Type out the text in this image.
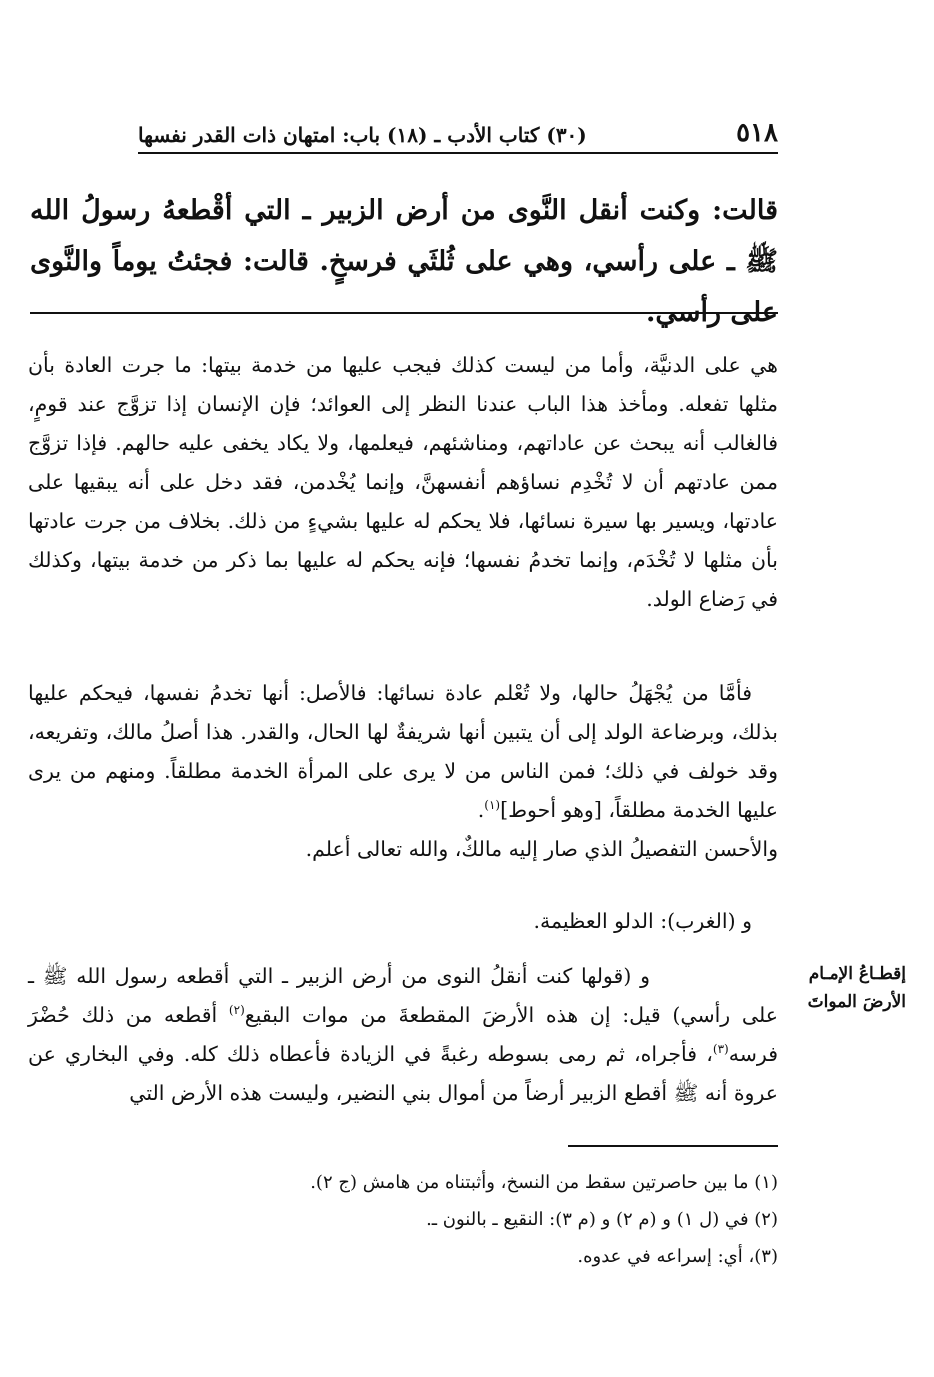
٥١٨
(٣٠) كتاب الأدب ـ (١٨) باب: امتهان ذات القدر نفسها
قالت: وكنت أنقل النَّوى من أرض الزبير ـ التي أقْطعهُ رسولُ الله ﷺ ـ على رأسي، وهي على ثُلثَي فرسخٍ. قالت: فجئتُ يوماً والنَّوى على رأسي.
هي على الدنيَّة، وأما من ليست كذلك فيجب عليها من خدمة بيتها: ما جرت العادة بأن مثلها تفعله. ومأخذ هذا الباب عندنا النظر إلى العوائد؛ فإن الإنسان إذا تزوَّج عند قومٍ، فالغالب أنه يبحث عن عاداتهم، ومناشئهم، فيعلمها، ولا يكاد يخفى عليه حالهم. فإذا تزوَّج ممن عادتهم أن لا تُخْدِم نساؤهم أنفسهنَّ، وإنما يُخْدمن، فقد دخل على أنه يبقيها على عادتها، ويسير بها سيرة نسائها، فلا يحكم له عليها بشيءٍ من ذلك. بخلاف من جرت عادتها بأن مثلها لا تُخْدَم، وإنما تخدمُ نفسها؛ فإنه يحكم له عليها بما ذكر من خدمة بيتها، وكذلك في رَضاع الولد.
فأمَّا من يُجْهَلُ حالها، ولا تُعْلم عادة نسائها: فالأصل: أنها تخدمُ نفسها، فيحكم عليها بذلك، وبرضاعة الولد إلى أن يتبين أنها شريفةٌ لها الحال، والقدر. هذا أصلُ مالك، وتفريعه، وقد خولف في ذلك؛ فمن الناس من لا يرى على المرأة الخدمة مطلقاً. ومنهم من يرى عليها الخدمة مطلقاً، [وهو أحوط]$^{(١)}$.
والأحسن التفصيلُ الذي صار إليه مالكٌ، والله تعالى أعلم.
و (الغرب): الدلو العظيمة.
و (قولها كنت أنقلُ النوى من أرض الزبير ـ التي أقطعه رسول الله ﷺ ـ على رأسي) قيل: إن هذه الأرضَ المقطعةَ من موات البقيع$^{(٢)}$ أقطعه من ذلك حُضْرَ فرسه$^{(٣)}$، فأجراه، ثم رمى بسوطه رغبةً في الزيادة فأعطاه ذلك كله. وفي البخاري عن عروة أنه ﷺ أقطع الزبير أرضاً من أموال بني النضير، وليست هذه الأرض التي
إقطـاعُ الإمـام الأرضَ المواتَ
(١) ما بين حاصرتين سقط من النسخ، وأثبتناه من هامش (ج ٢).
(٢) في (ل ١) و (م ٢) و (م ٣): النقيع ـ بالنون ـ.
(٣)، أي: إسراعه في عدوه.
